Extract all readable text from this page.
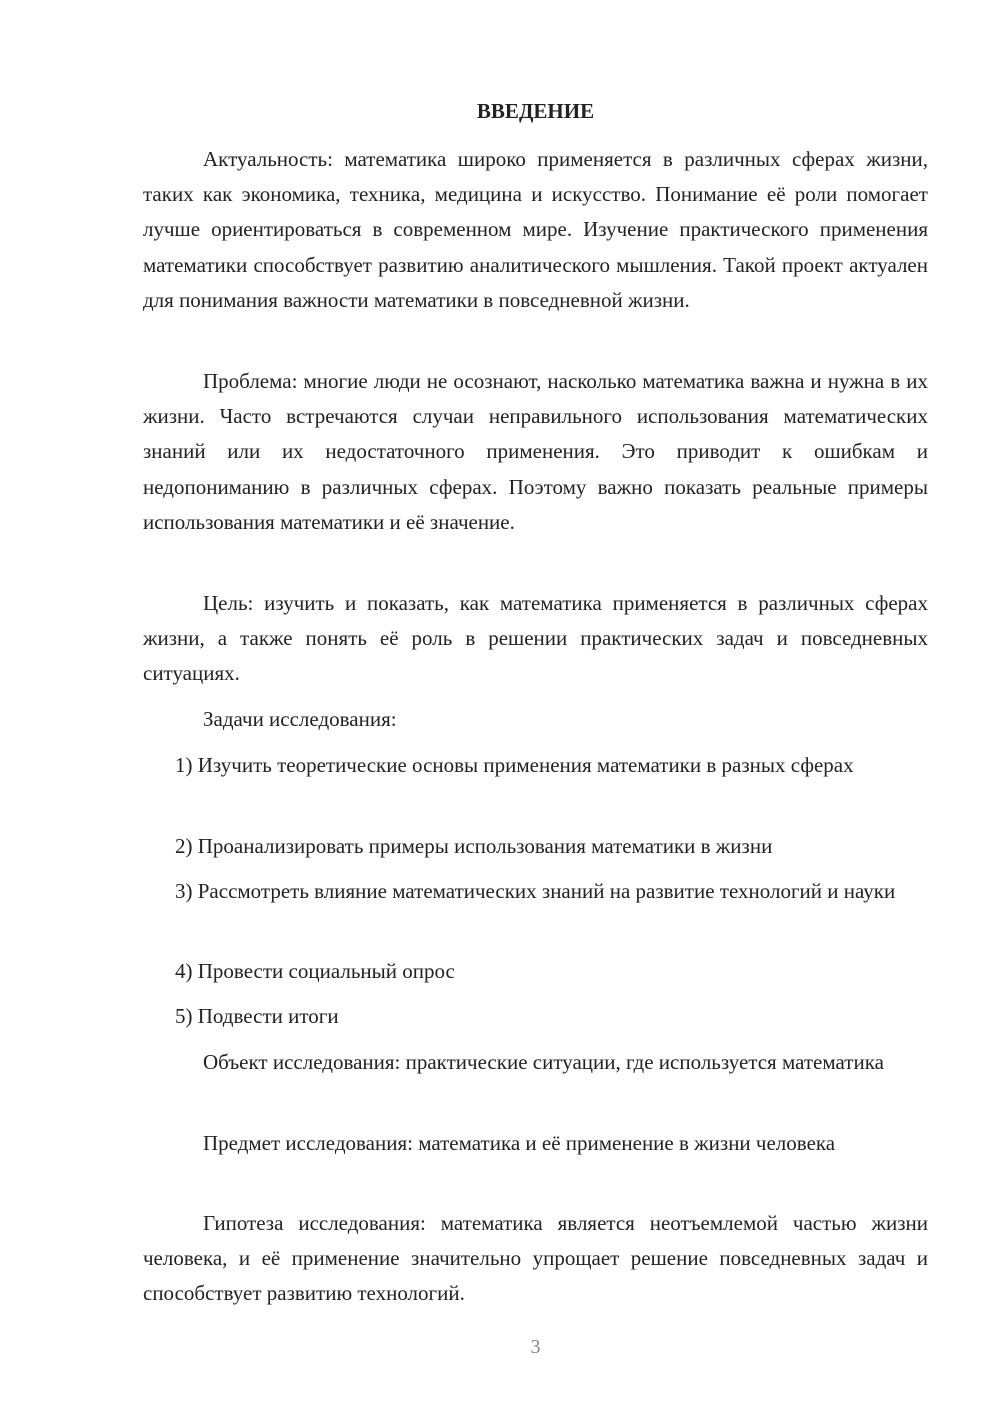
ВВЕДЕНИЕ

Актуальность: математика широко применяется в различных сферах жизни, таких как экономика, техника, медицина и искусство. Понимание её роли помогает лучше ориентироваться в современном мире. Изучение практического применения математики способствует развитию аналитического мышления. Такой проект актуален для понимания важности математики в повседневной жизни.

Проблема: многие люди не осознают, насколько математика важна и нужна в их жизни. Часто встречаются случаи неправильного использования математических знаний или их недостаточного применения. Это приводит к ошибкам и недопониманию в различных сферах. Поэтому важно показать реальные примеры использования математики и её значение.

Цель: изучить и показать, как математика применяется в различных сферах жизни, а также понять её роль в решении практических задач и повседневных ситуациях.

Задачи исследования:

1) Изучить теоретические основы применения математики в разных сферах

2) Проанализировать примеры использования математики в жизни

3) Рассмотреть влияние математических знаний на развитие технологий и науки

4) Провести социальный опрос

5) Подвести итоги

Объект исследования: практические ситуации, где используется математика

Предмет исследования: математика и её применение в жизни человека

Гипотеза исследования: математика является неотъемлемой частью жизни человека, и её применение значительно упрощает решение повседневных задач и способствует развитию технологий.

3
